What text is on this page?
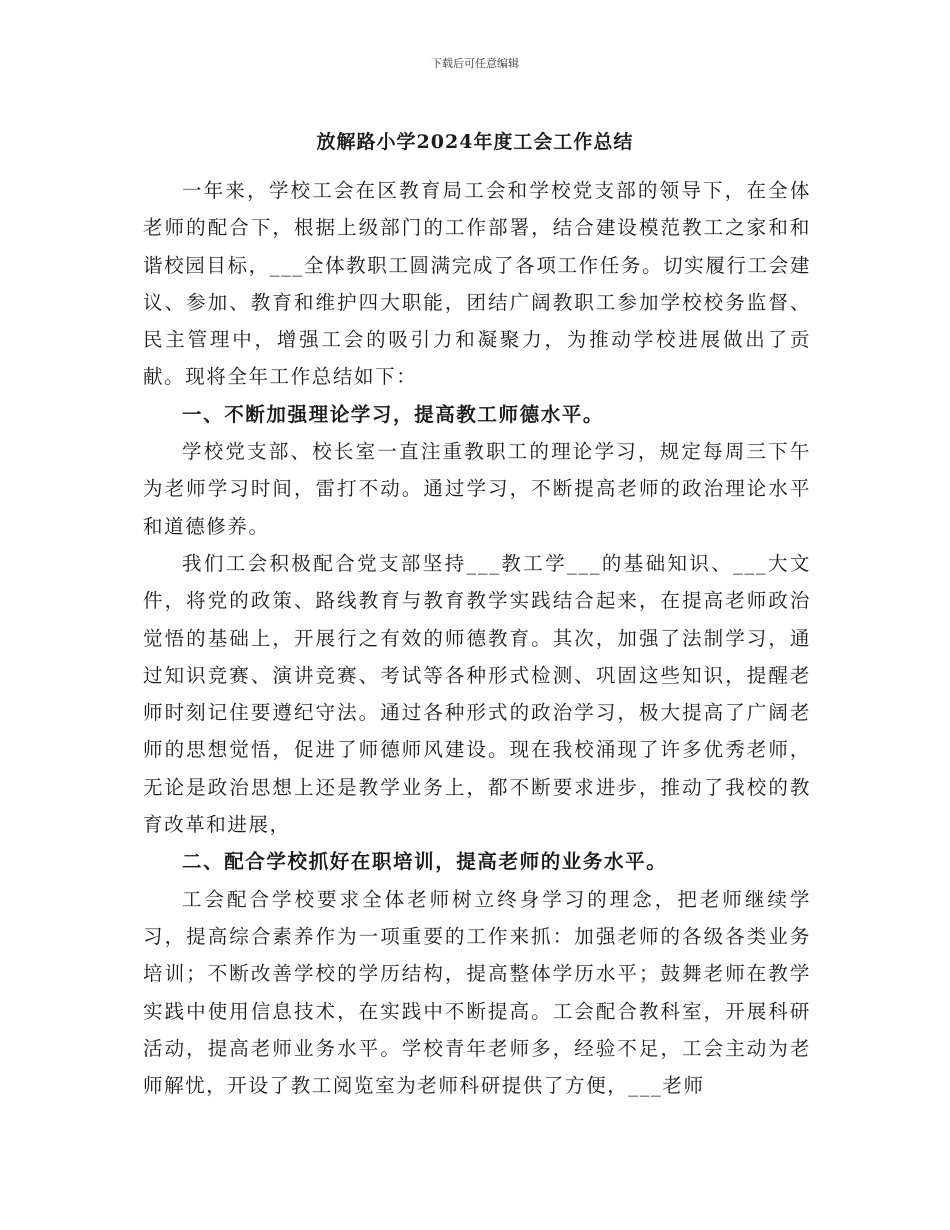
下载后可任意编辑
放解路小学2024年度工会工作总结

一年来，学校工会在区教育局工会和学校党支部的领导下，在全体老师的配合下，根据上级部门的工作部署，结合建设模范教工之家和和谐校园目标，___全体教职工圆满完成了各项工作任务。切实履行工会建议、参加、教育和维护四大职能，团结广阔教职工参加学校校务监督、民主管理中，增强工会的吸引力和凝聚力，为推动学校进展做出了贡献。现将全年工作总结如下：

一、不断加强理论学习，提高教工师德水平。

学校党支部、校长室一直注重教职工的理论学习，规定每周三下午为老师学习时间，雷打不动。通过学习，不断提高老师的政治理论水平和道德修养。

我们工会积极配合党支部坚持___教工学___的基础知识、___大文件，将党的政策、路线教育与教育教学实践结合起来，在提高老师政治觉悟的基础上，开展行之有效的师德教育。其次，加强了法制学习，通过知识竞赛、演讲竞赛、考试等各种形式检测、巩固这些知识，提醒老师时刻记住要遵纪守法。通过各种形式的政治学习，极大提高了广阔老师的思想觉悟，促进了师德师风建设。现在我校涌现了许多优秀老师，无论是政治思想上还是教学业务上，都不断要求进步，推动了我校的教育改革和进展，

二、配合学校抓好在职培训，提高老师的业务水平。

工会配合学校要求全体老师树立终身学习的理念，把老师继续学习，提高综合素养作为一项重要的工作来抓：加强老师的各级各类业务培训；不断改善学校的学历结构，提高整体学历水平；鼓舞老师在教学实践中使用信息技术，在实践中不断提高。工会配合教科室，开展科研活动，提高老师业务水平。学校青年老师多，经验不足，工会主动为老师解忧，开设了教工阅览室为老师科研提供了方便，___老师
